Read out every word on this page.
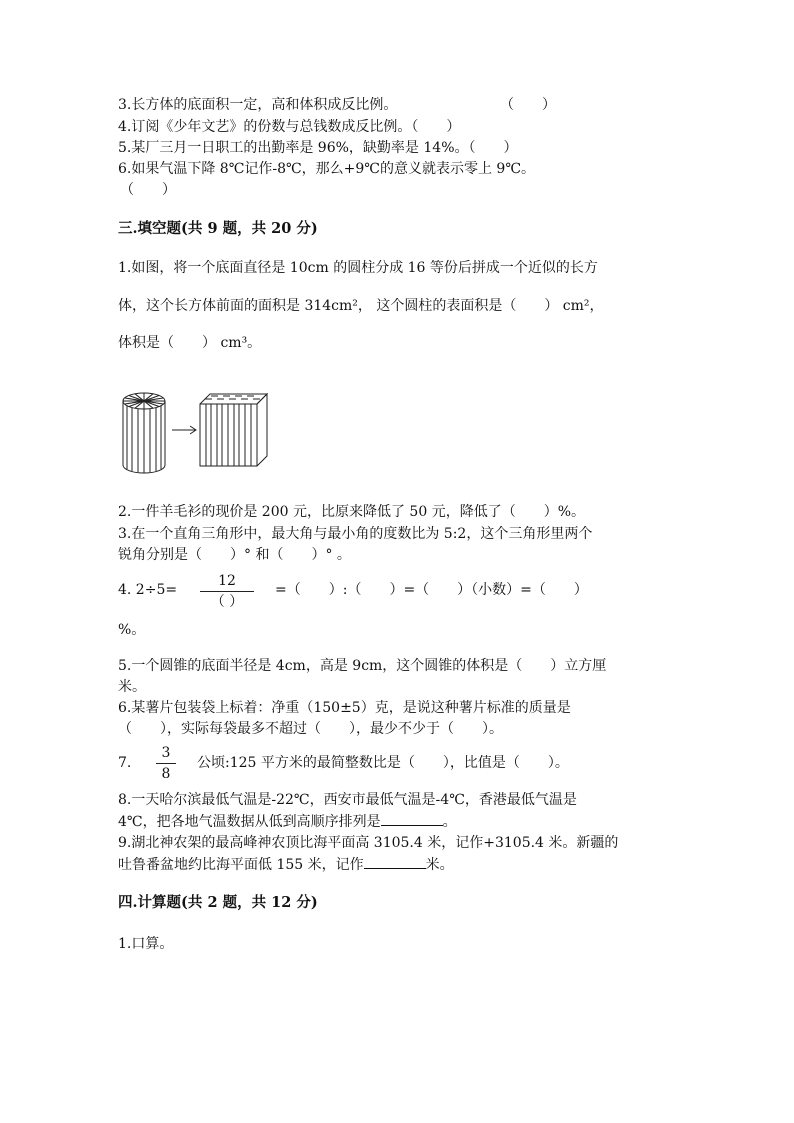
3.长方体的底面积一定，高和体积成反比例。	（　　）
4.订阅《少年文艺》的份数与总钱数成反比例。（　　）
5.某厂三月一日职工的出勤率是 96%，缺勤率是 14%。（　　）
6.如果气温下降 8℃记作-8℃，那么+9℃的意义就表示零上 9℃。
（　　）
三.填空题(共 9 题，共 20 分)
1.如图，将一个底面直径是 10cm 的圆柱分成 16 等份后拼成一个近似的长方
体，这个长方体前面的面积是 314cm²， 这个圆柱的表面积是（　　） cm²，
体积是（　　） cm³。
2.一件羊毛衫的现价是 200 元，比原来降低了 50 元，降低了（　　）%。
3.在一个直角三角形中，最大角与最小角的度数比为 5:2，这个三角形里两个
锐角分别是（　　）° 和（　　）° 。
4. 2÷5=
12
（ ）
=（　　）:（　　）=（　　）（小数）=（　　）
%。
5.一个圆锥的底面半径是 4cm，高是 9cm，这个圆锥的体积是（　　）立方厘
米。
6.某薯片包装袋上标着：净重（150±5）克，是说这种薯片标准的质量是
（　　），实际每袋最多不超过（　　），最少不少于（　　）。
7.
3
8
公顷:125 平方米的最简整数比是（　　），比值是（　　）。
8.一天哈尔滨最低气温是-22℃，西安市最低气温是-4℃，香港最低气温是
4℃，把各地气温数据从低到高顺序排列是	。
9.湖北神农架的最高峰神农顶比海平面高 3105.4 米，记作+3105.4 米。新疆的
吐鲁番盆地约比海平面低 155 米，记作	米。
四.计算题(共 2 题，共 12 分)
1.口算。
